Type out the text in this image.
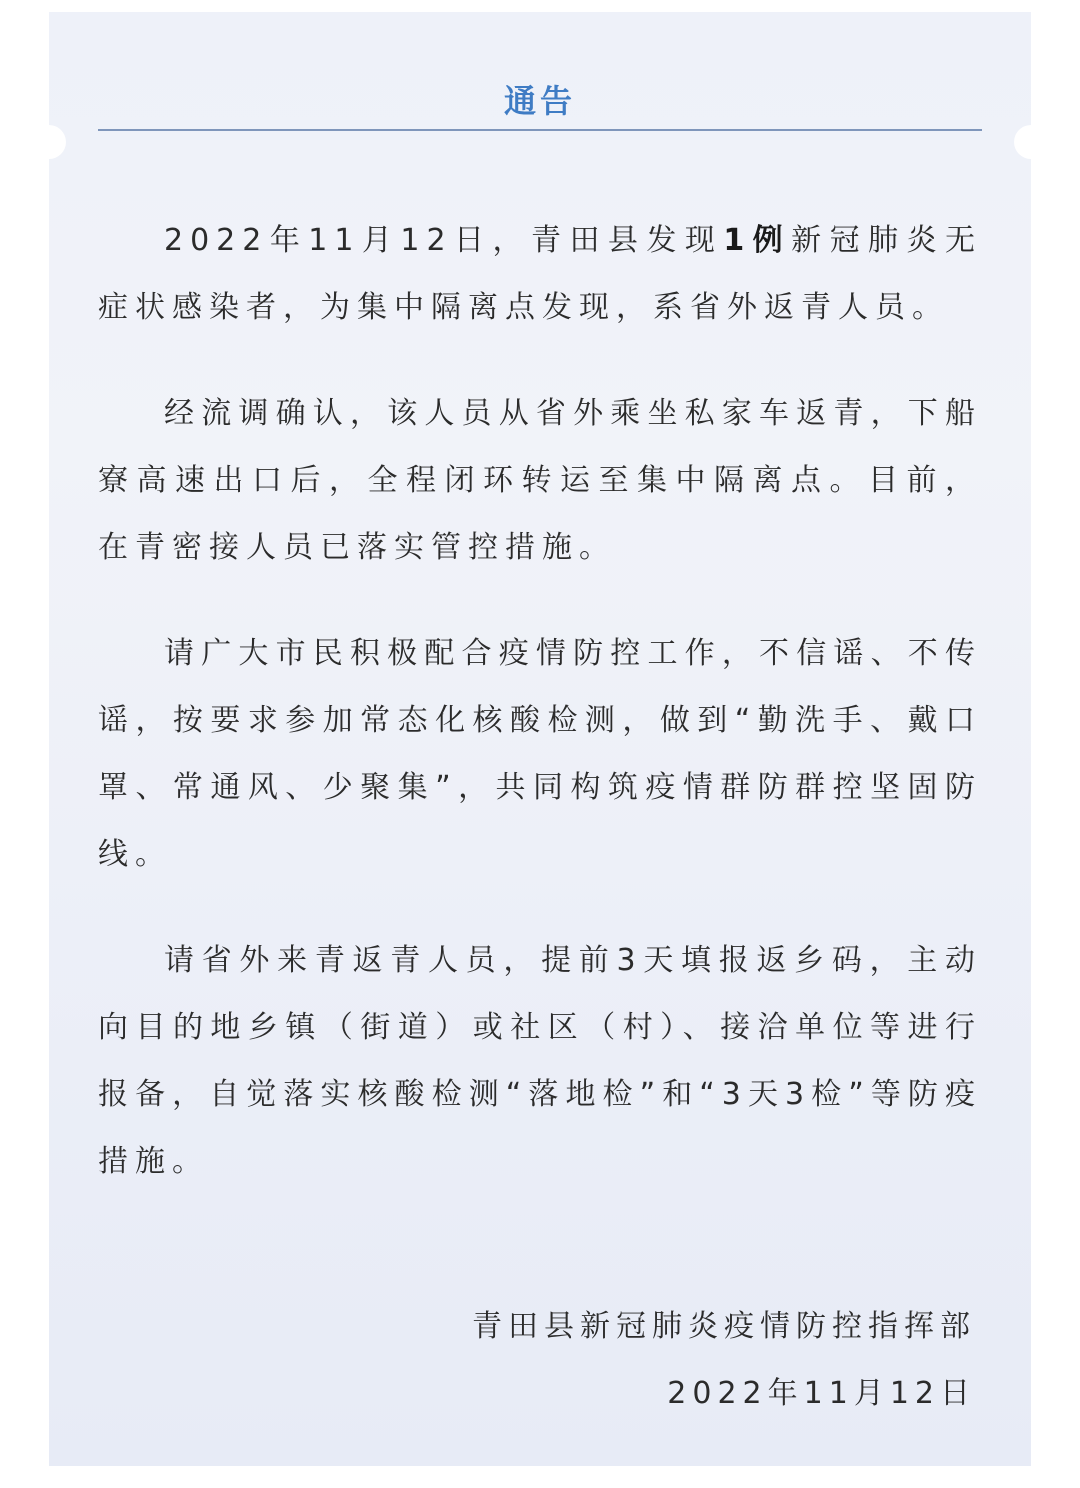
通告

2022年11月12日，青田县发现1例新冠肺炎无症状感染者，为集中隔离点发现，系省外返青人员。

经流调确认，该人员从省外乘坐私家车返青，下船寮高速出口后，全程闭环转运至集中隔离点。目前，在青密接人员已落实管控措施。

请广大市民积极配合疫情防控工作，不信谣、不传谣，按要求参加常态化核酸检测，做到“勤洗手、戴口罩、常通风、少聚集”，共同构筑疫情群防群控坚固防线。

请省外来青返青人员，提前3天填报返乡码，主动向目的地乡镇（街道）或社区（村）、接洽单位等进行报备，自觉落实核酸检测“落地检”和“3天3检”等防疫措施。

青田县新冠肺炎疫情防控指挥部
2022年11月12日
